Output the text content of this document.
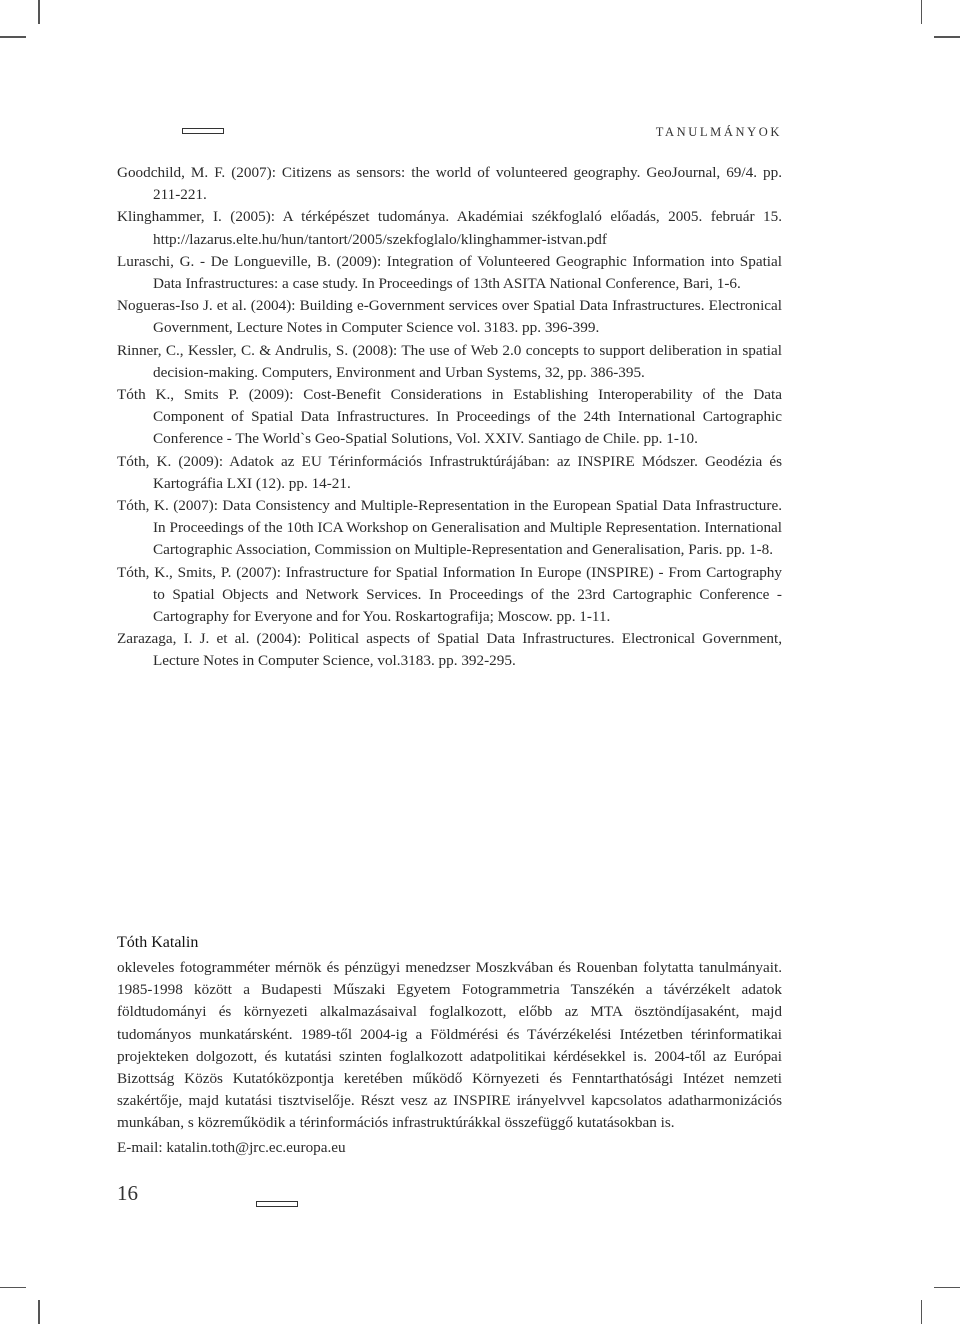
TANULMÁNYOK

Goodchild, M. F. (2007): Citizens as sensors: the world of volunteered geography. GeoJournal, 69/4. pp. 211-221.

Klinghammer, I. (2005): A térképészet tudománya. Akadémiai székfoglaló előadás, 2005. február 15. http://lazarus.elte.hu/hun/tantort/2005/szekfoglalo/klinghammer-istvan.pdf

Luraschi, G. - De Longueville, B. (2009): Integration of Volunteered Geographic Information into Spatial Data Infrastructures: a case study. In Proceedings of 13th ASITA National Conference, Bari, 1-6.

Nogueras-Iso J. et al. (2004): Building e-Government services over Spatial Data Infrastructures. Electronical Government, Lecture Notes in Computer Science vol. 3183. pp. 396-399.

Rinner, C., Kessler, C. & Andrulis, S. (2008): The use of Web 2.0 concepts to support deliberation in spatial decision-making. Computers, Environment and Urban Systems, 32, pp. 386-395.

Tóth K., Smits P. (2009): Cost-Benefit Considerations in Establishing Interoperability of the Data Component of Spatial Data Infrastructures. In Proceedings of the 24th International Cartographic Conference - The World`s Geo-Spatial Solutions, Vol. XXIV. Santiago de Chile. pp. 1-10.

Tóth, K. (2009): Adatok az EU Térinformációs Infrastruktúrájában: az INSPIRE Módszer. Geodézia és Kartográfia LXI (12). pp. 14-21.

Tóth, K. (2007): Data Consistency and Multiple-Representation in the European Spatial Data Infrastructure. In Proceedings of the 10th ICA Workshop on Generalisation and Multiple Representation. International Cartographic Association, Commission on Multiple-Representation and Generalisation, Paris. pp. 1-8.

Tóth, K., Smits, P. (2007): Infrastructure for Spatial Information In Europe (INSPIRE) - From Cartography to Spatial Objects and Network Services. In Proceedings of the 23rd Cartographic Conference - Cartography for Everyone and for You. Roskartografija; Moscow. pp. 1-11.

Zarazaga, I. J. et al. (2004): Political aspects of Spatial Data Infrastructures. Electronical Government, Lecture Notes in Computer Science, vol.3183. pp. 392-295.

Tóth Katalin

okleveles fotogramméter mérnök és pénzügyi menedzser Moszkvában és Rouenban folytatta tanulmányait. 1985-1998 között a Budapesti Műszaki Egyetem Fotogrammetria Tanszékén a távérzékelt adatok földtudományi és környezeti alkalmazásaival foglalkozott, előbb az MTA ösztöndíjasaként, majd tudományos munkatársként. 1989-től 2004-ig a Földmérési és Távérzékelési Intézetben térinformatikai projekteken dolgozott, és kutatási szinten foglalkozott adatpolitikai kérdésekkel is. 2004-től az Európai Bizottság Közös Kutatóközpontja keretében működő Környezeti és Fenntarthatósági Intézet nemzeti szakértője, majd kutatási tisztviselője. Részt vesz az INSPIRE irányelvvel kapcsolatos adatharmonizációs munkában, s közreműködik a térinformációs infrastruktúrákkal összefüggő kutatásokban is.

E-mail: katalin.toth@jrc.ec.europa.eu
16
